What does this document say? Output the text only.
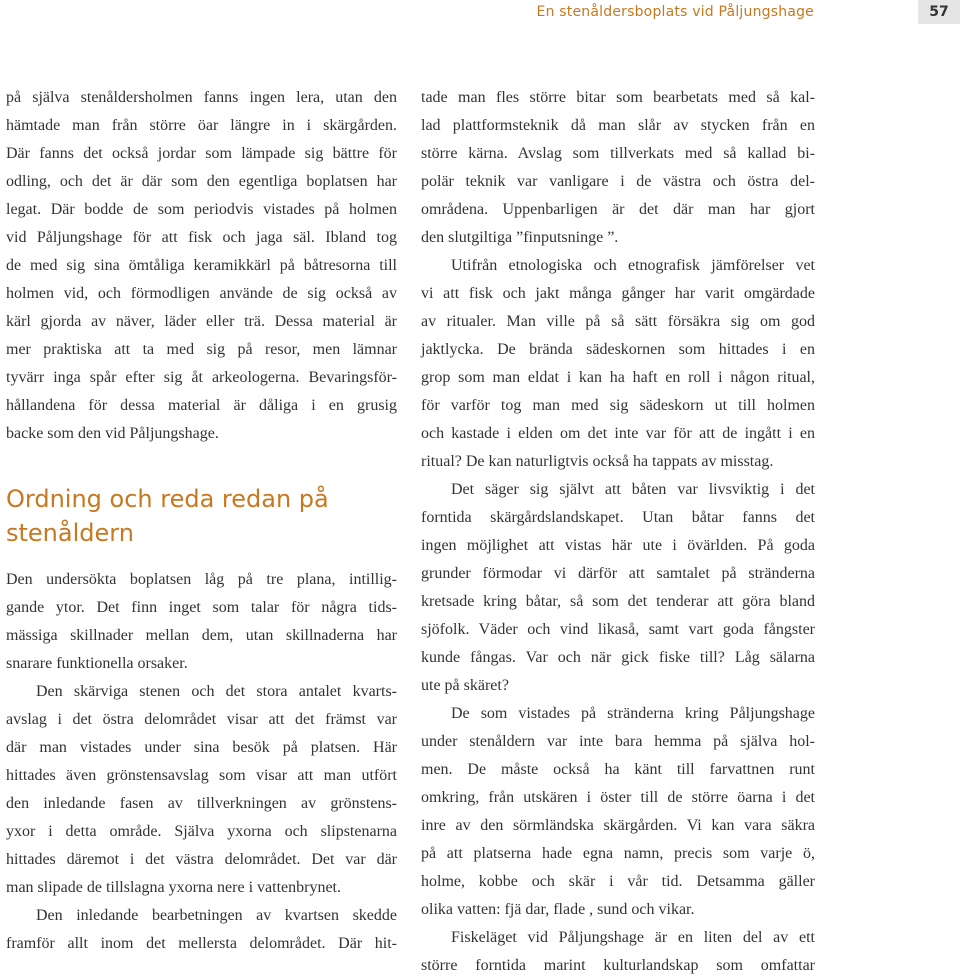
En stenåldersboplats vid Påljungshage	57
på själva stenåldersholmen fanns ingen lera, utan den
hämtade man från större öar längre in i skärgården.
Där fanns det också jordar som lämpade sig bättre för
odling, och det är där som den egentliga boplatsen har
legat. Där bodde de som periodvis vistades på holmen
vid Påljungshage för att fisk och jaga säl. Ibland tog
de med sig sina ömtåliga keramikkärl på båtresorna till
holmen vid, och förmodligen använde de sig också av
kärl gjorda av näver, läder eller trä. Dessa material är
mer praktiska att ta med sig på resor, men lämnar
tyvärr inga spår efter sig åt arkeologerna. Bevaringsför-
hållandena för dessa material är dåliga i en grusig
backe som den vid Påljungshage.
Ordning och reda redan på
stenåldern
Den undersökta boplatsen låg på tre plana, intillig-
gande ytor. Det finn inget som talar för några tids-
mässiga skillnader mellan dem, utan skillnaderna har
snarare funktionella orsaker.
Den skärviga stenen och det stora antalet kvarts-
avslag i det östra delområdet visar att det främst var
där man vistades under sina besök på platsen. Här
hittades även grönstensavslag som visar att man utfört
den inledande fasen av tillverkningen av grönstens-
yxor i detta område. Själva yxorna och slipstenarna
hittades däremot i det västra delområdet. Det var där
man slipade de tillslagna yxorna nere i vattenbrynet.
Den inledande bearbetningen av kvartsen skedde
framför allt inom det mellersta delområdet. Där hit-
tade man fles större bitar som bearbetats med så kal-
lad plattformsteknik då man slår av stycken från en
större kärna. Avslag som tillverkats med så kallad bi-
polär teknik var vanligare i de västra och östra del-
områdena. Uppenbarligen är det där man har gjort
den slutgiltiga ”finputsninge ”.
Utifrån etnologiska och etnografisk jämförelser vet
vi att fisk och jakt många gånger har varit omgärdade
av ritualer. Man ville på så sätt försäkra sig om god
jaktlycka. De brända sädeskornen som hittades i en
grop som man eldat i kan ha haft en roll i någon ritual,
för varför tog man med sig sädeskorn ut till holmen
och kastade i elden om det inte var för att de ingått i en
ritual? De kan naturligtvis också ha tappats av misstag.
Det säger sig självt att båten var livsviktig i det
forntida skärgårdslandskapet. Utan båtar fanns det
ingen möjlighet att vistas här ute i övärlden. På goda
grunder förmodar vi därför att samtalet på stränderna
kretsade kring båtar, så som det tenderar att göra bland
sjöfolk. Väder och vind likaså, samt vart goda fångster
kunde fångas. Var och när gick fiske till? Låg sälarna
ute på skäret?
De som vistades på stränderna kring Påljungshage
under stenåldern var inte bara hemma på själva hol-
men. De måste också ha känt till farvattnen runt
omkring, från utskären i öster till de större öarna i det
inre av den sörmländska skärgården. Vi kan vara säkra
på att platserna hade egna namn, precis som varje ö,
holme, kobbe och skär i vår tid. Detsamma gäller
olika vatten: fjä dar, flade , sund och vikar.
Fiskeläget vid Påljungshage är en liten del av ett
större forntida marint kulturlandskap som omfattar
